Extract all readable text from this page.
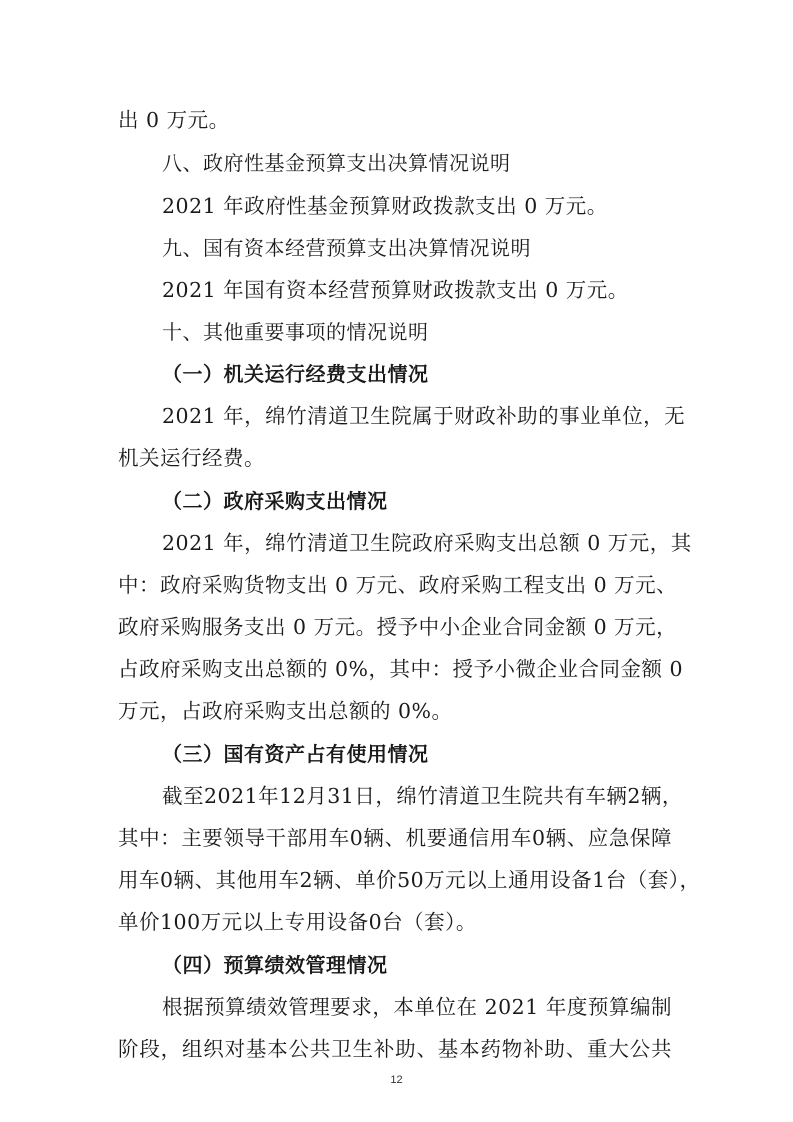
出 0 万元。
八、政府性基金预算支出决算情况说明
2021 年政府性基金预算财政拨款支出 0 万元。
九、国有资本经营预算支出决算情况说明
2021 年国有资本经营预算财政拨款支出 0 万元。
十、其他重要事项的情况说明
（一）机关运行经费支出情况
2021 年，绵竹清道卫生院属于财政补助的事业单位，无
机关运行经费。
（二）政府采购支出情况
2021 年，绵竹清道卫生院政府采购支出总额 0 万元，其
中：政府采购货物支出 0 万元、政府采购工程支出 0 万元、
政府采购服务支出 0 万元。授予中小企业合同金额 0 万元，
占政府采购支出总额的 0%，其中：授予小微企业合同金额 0
万元，占政府采购支出总额的 0%。
（三）国有资产占有使用情况
截至2021年12月31日，绵竹清道卫生院共有车辆2辆，
其中：主要领导干部用车0辆、机要通信用车0辆、应急保障
用车0辆、其他用车2辆、单价50万元以上通用设备1台（套），
单价100万元以上专用设备0台（套）。
（四）预算绩效管理情况
根据预算绩效管理要求，本单位在 2021 年度预算编制
阶段，组织对基本公共卫生补助、基本药物补助、重大公共
12
